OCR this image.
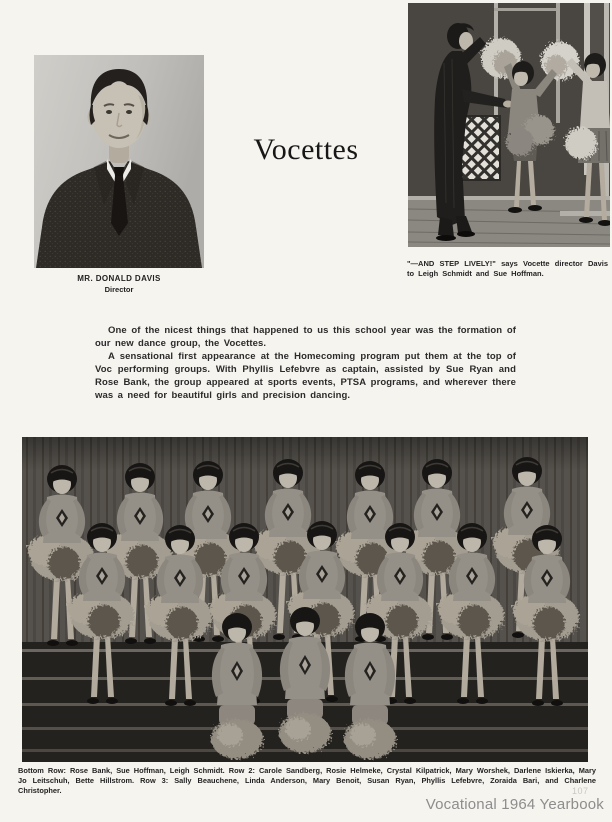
MR. DONALD DAVIS
Director
Vocettes
"—AND STEP LIVELY!" says Vocette director Davis to Leigh Schmidt and Sue Hoffman.

One of the nicest things that happened to us this school year was the formation of our new dance group, the Vocettes.

A sensational first appearance at the Homecoming program put them at the top of Voc performing groups. With Phyllis Lefebvre as captain, assisted by Sue Ryan and Rose Bank, the group appeared at sports events, PTSA programs, and wherever there was a need for beautiful girls and precision dancing.

Bottom Row: Rose Bank, Sue Hoffman, Leigh Schmidt. Row 2: Carole Sandberg, Rosie Helmeke, Crystal Kilpatrick, Mary Worshek, Darlene Iskierka, Mary Jo Leitschuh, Bette Hillstrom. Row 3: Sally Beauchene, Linda Anderson, Mary Benoit, Susan Ryan, Phyllis Lefebvre, Zoraida Bari, and Charlene Christopher.	107
Vocational 1964 Yearbook
